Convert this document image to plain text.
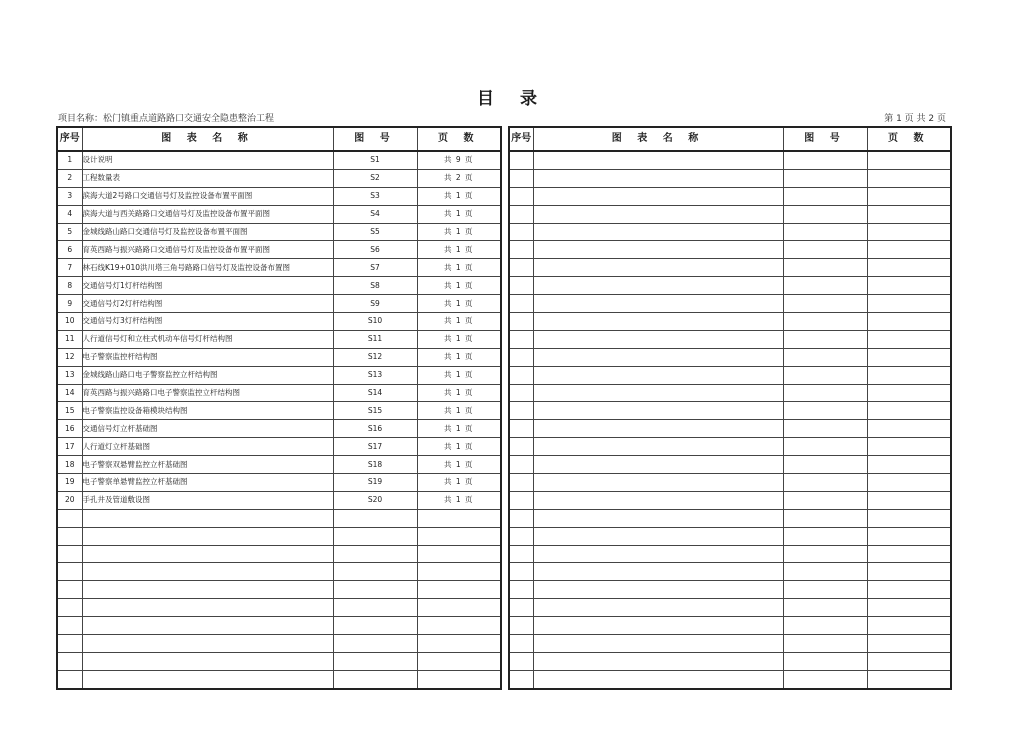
目 录
项目名称：松门镇重点道路路口交通安全隐患整治工程	第 1 页 共 2 页
序号	图 表 名 称	图 号	页 数
1	设计说明	S1	共 9 页
2	工程数量表	S2	共 2 页
3	滨海大道2号路口交通信号灯及监控设备布置平面图	S3	共 1 页
4	滨海大道与西关路路口交通信号灯及监控设备布置平面图	S4	共 1 页
5	金城线路山路口交通信号灯及监控设备布置平面图	S5	共 1 页
6	育英西路与振兴路路口交通信号灯及监控设备布置平面图	S6	共 1 页
7	林石线K19+010洪川塔三角号路路口信号灯及监控设备布置图	S7	共 1 页
8	交通信号灯1灯杆结构图	S8	共 1 页
9	交通信号灯2灯杆结构图	S9	共 1 页
10	交通信号灯3灯杆结构图	S10	共 1 页
11	人行道信号灯和立柱式机动车信号灯杆结构图	S11	共 1 页
12	电子警察监控杆结构图	S12	共 1 页
13	金城线路山路口电子警察监控立杆结构图	S13	共 1 页
14	育英西路与振兴路路口电子警察监控立杆结构图	S14	共 1 页
15	电子警察监控设备箱模块结构图	S15	共 1 页
16	交通信号灯立杆基础图	S16	共 1 页
17	人行道灯立杆基础图	S17	共 1 页
18	电子警察双悬臂监控立杆基础图	S18	共 1 页
19	电子警察单悬臂监控立杆基础图	S19	共 1 页
20	手孔井及管道敷设图	S20	共 1 页

序号	图 表 名 称	图 号	页 数
